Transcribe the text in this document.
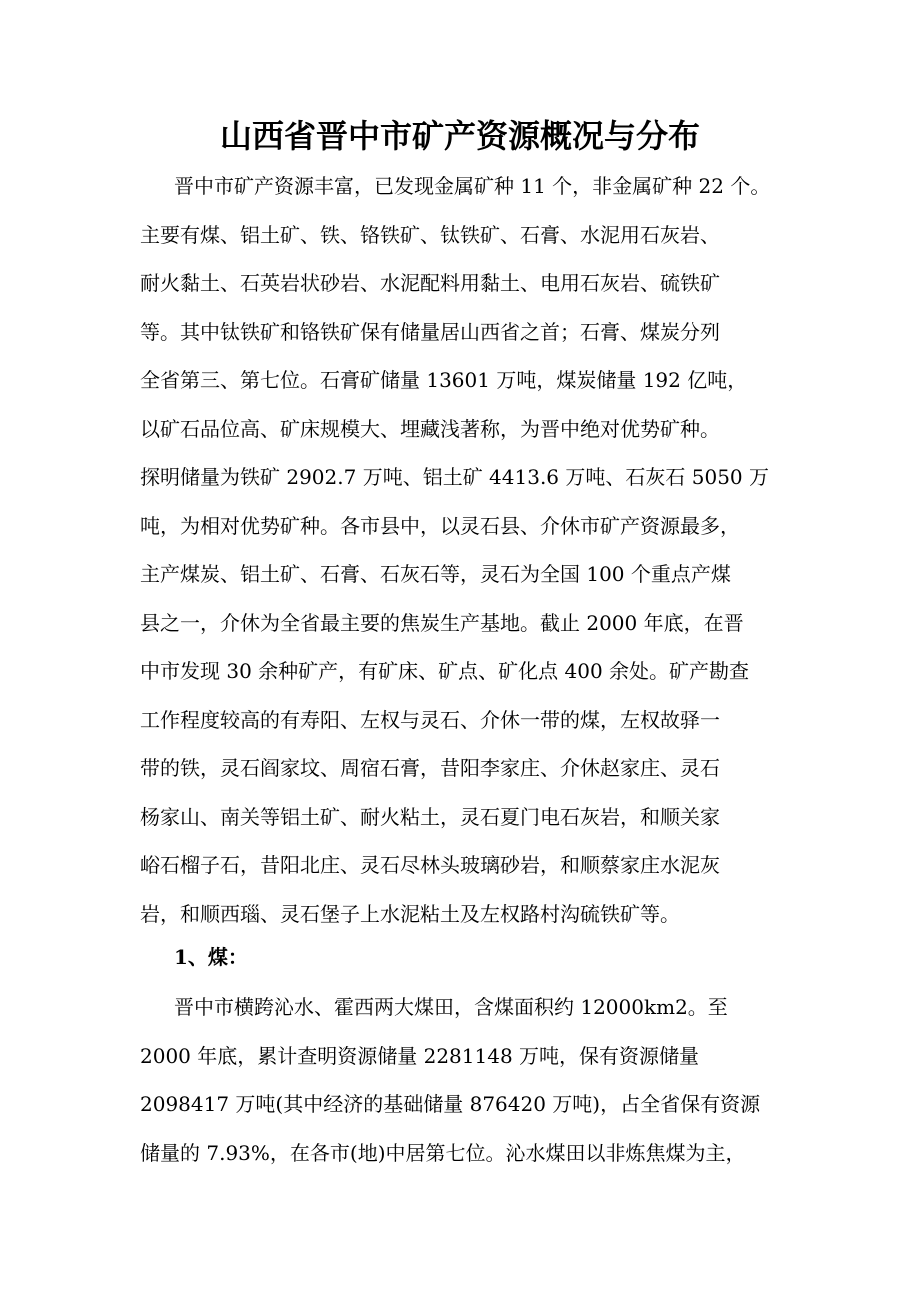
山西省晋中市矿产资源概况与分布
晋中市矿产资源丰富，已发现金属矿种 11 个，非金属矿种 22 个。
主要有煤、铝土矿、铁、铬铁矿、钛铁矿、石膏、水泥用石灰岩、
耐火黏土、石英岩状砂岩、水泥配料用黏土、电用石灰岩、硫铁矿
等。其中钛铁矿和铬铁矿保有储量居山西省之首；石膏、煤炭分列
全省第三、第七位。石膏矿储量 13601 万吨，煤炭储量 192 亿吨，
以矿石品位高、矿床规模大、埋藏浅著称，为晋中绝对优势矿种。
探明储量为铁矿 2902.7 万吨、铝土矿 4413.6 万吨、石灰石 5050 万
吨，为相对优势矿种。各市县中，以灵石县、介休市矿产资源最多，
主产煤炭、铝土矿、石膏、石灰石等，灵石为全国 100 个重点产煤
县之一，介休为全省最主要的焦炭生产基地。截止 2000 年底，在晋
中市发现 30 余种矿产，有矿床、矿点、矿化点 400 余处。矿产勘查
工作程度较高的有寿阳、左权与灵石、介休一带的煤，左权故驿一
带的铁，灵石阎家坟、周宿石膏，昔阳李家庄、介休赵家庄、灵石
杨家山、南关等铝土矿、耐火粘土，灵石夏门电石灰岩，和顺关家
峪石榴子石，昔阳北庄、灵石尽林头玻璃砂岩，和顺蔡家庄水泥灰
岩，和顺西瑙、灵石堡子上水泥粘土及左权路村沟硫铁矿等。
1、煤：
晋中市横跨沁水、霍西两大煤田，含煤面积约 12000km2。至
2000 年底，累计查明资源储量 2281148 万吨，保有资源储量
2098417 万吨(其中经济的基础储量 876420 万吨)，占全省保有资源
储量的 7.93%，在各市(地)中居第七位。沁水煤田以非炼焦煤为主，
